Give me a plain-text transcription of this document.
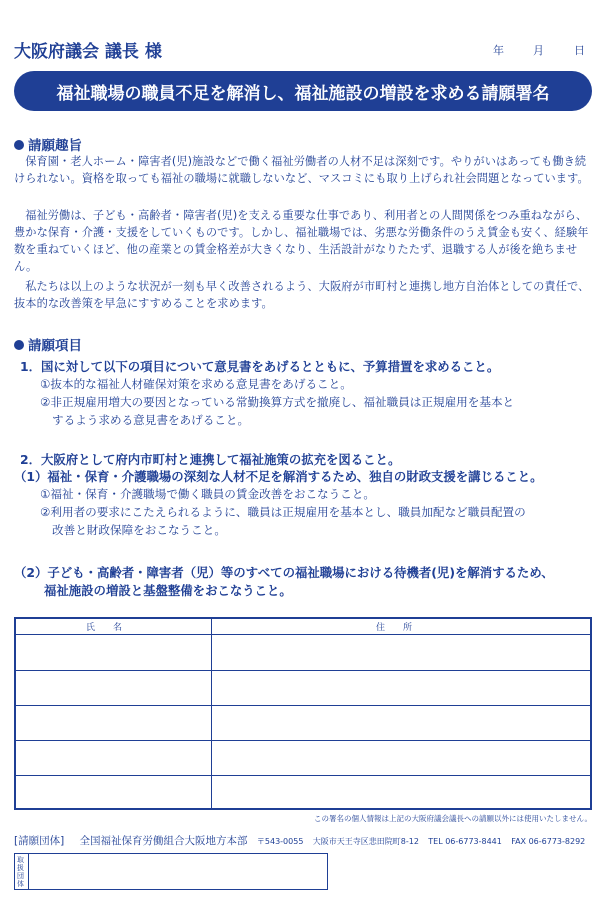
大阪府議会 議長 様	年	月	日
福祉職場の職員不足を解消し、福祉施設の増設を求める請願署名
請願趣旨

保育園・老人ホーム・障害者(児)施設などで働く福祉労働者の人材不足は深刻です。やりがいはあっても働き続けられない。資格を取っても福祉の職場に就職しないなど、マスコミにも取り上げられ社会問題となっています。

福祉労働は、子ども・高齢者・障害者(児)を支える重要な仕事であり、利用者との人間関係をつみ重ねながら、豊かな保育・介護・支援をしていくものです。しかし、福祉職場では、劣悪な労働条件のうえ賃金も安く、経験年数を重ねていくほど、他の産業との賃金格差が大きくなり、生活設計がなりたたず、退職する人が後を絶ちません。

私たちは以上のような状況が一刻も早く改善されるよう、大阪府が市町村と連携し地方自治体としての責任で、抜本的な改善策を早急にすすめることを求めます。

請願項目
1．国に対して以下の項目について意見書をあげるとともに、予算措置を求めること。
①抜本的な福祉人材確保対策を求める意見書をあげること。
②非正規雇用増大の要因となっている常勤換算方式を撤廃し、福祉職員は正規雇用を基本と
するよう求める意見書をあげること。
2．大阪府として府内市町村と連携して福祉施策の拡充を図ること。
（1）福祉・保育・介護職場の深刻な人材不足を解消するため、独自の財政支援を講じること。
①福祉・保育・介護職場で働く職員の賃金改善をおこなうこと。
②利用者の要求にこたえられるように、職員は正規雇用を基本とし、職員加配など職員配置の
改善と財政保障をおこなうこと。
（2）子ども・高齢者・障害者（児）等のすべての福祉職場における待機者(児)を解消するため、
福祉施設の増設と基盤整備をおこなうこと。
氏名	住所
この署名の個人情報は上記の大阪府議会議長への請願以外には使用いたしません。
[請願団体] 全国福祉保育労働組合大阪地方本部 〒543-0055 大阪市天王寺区悲田院町8-12 TEL 06-6773-8441 FAX 06-6773-8292
取扱団体
